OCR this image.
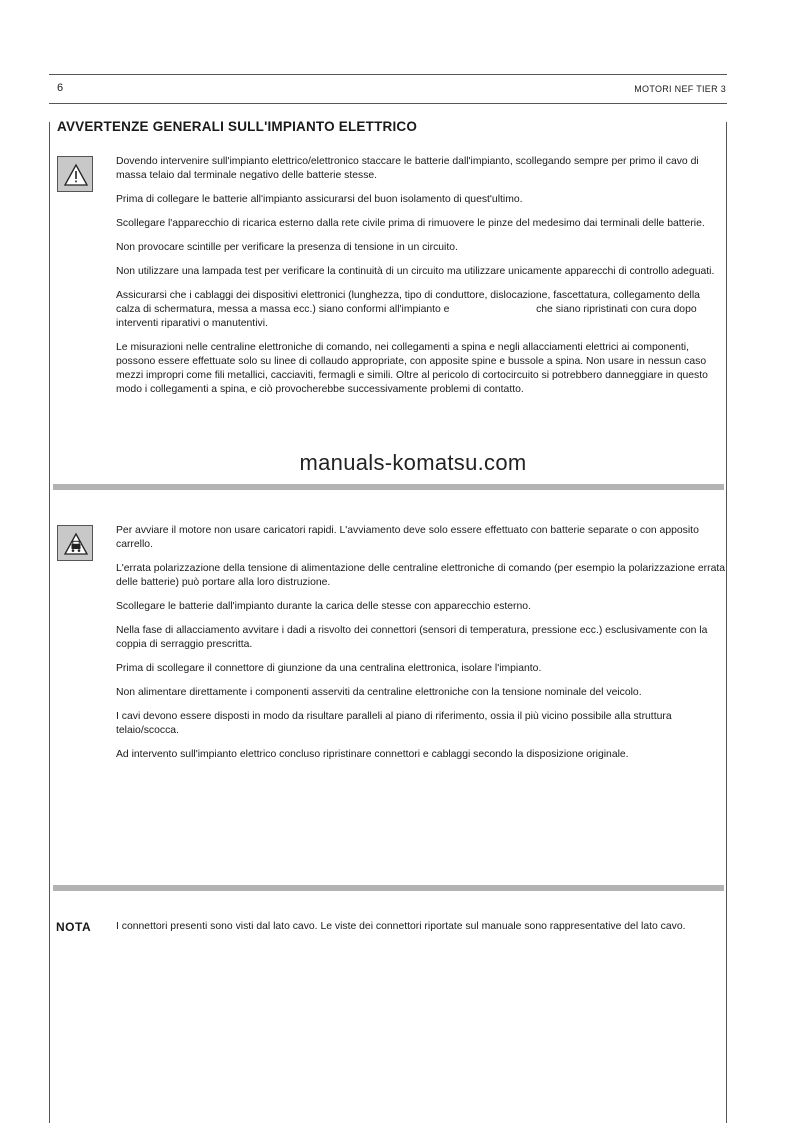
6	MOTORI NEF TIER 3
AVVERTENZE GENERALI SULL'IMPIANTO ELETTRICO

Dovendo intervenire sull'impianto elettrico/elettronico staccare le batterie dall'impianto, scollegando sempre per primo il cavo di massa telaio dal terminale negativo delle batterie stesse.

Prima di collegare le batterie all'impianto assicurarsi del buon isolamento di quest'ultimo.

Scollegare l'apparecchio di ricarica esterno dalla rete civile prima di rimuovere le pinze del medesimo dai terminali delle batterie.

Non provocare scintille per verificare la presenza di tensione in un circuito.

Non utilizzare una lampada test per verificare la continuità di un circuito ma utilizzare unicamente apparecchi di controllo adeguati.

Assicurarsi che i cablaggi dei dispositivi elettronici (lunghezza, tipo di conduttore, dislocazione, fascettatura, collegamento della calza di schermatura, messa a massa ecc.) siano conformi all'impianto e                              che siano ripristinati con cura dopo interventi riparativi o manutentivi.

Le misurazioni nelle centraline elettroniche di comando, nei collegamenti a spina e negli allacciamenti elettrici ai componenti, possono essere effettuate solo su linee di collaudo appropriate, con apposite spine e bussole a spina. Non usare in nessun caso mezzi impropri come fili metallici, cacciaviti, fermagli e simili. Oltre al pericolo di cortocircuito si potrebbero danneggiare in questo modo i collegamenti a spina, e ciò provocherebbe successivamente problemi di contatto.

manuals-komatsu.com

Per avviare il motore non usare caricatori rapidi. L'avviamento deve solo essere effettuato con batterie separate o con apposito carrello.

L'errata polarizzazione della tensione di alimentazione delle centraline elettroniche di comando (per esempio la polarizzazione errata delle batterie) può portare alla loro distruzione.

Scollegare le batterie dall'impianto durante la carica delle stesse con apparecchio esterno.

Nella fase di allacciamento avvitare i dadi a risvolto dei connettori (sensori di temperatura, pressione ecc.) esclusivamente con la coppia di serraggio prescritta.

Prima di scollegare il connettore di giunzione da una centralina elettronica, isolare l'impianto.

Non alimentare direttamente i componenti asserviti da centraline elettroniche con la tensione nominale del veicolo.

I cavi devono essere disposti in modo da risultare paralleli al piano di riferimento, ossia il più vicino possibile alla struttura telaio/scocca.

Ad intervento sull'impianto elettrico concluso ripristinare connettori e cablaggi secondo la disposizione originale.

NOTA I connettori presenti sono visti dal lato cavo. Le viste dei connettori riportate sul manuale sono rappresentative del lato cavo.
